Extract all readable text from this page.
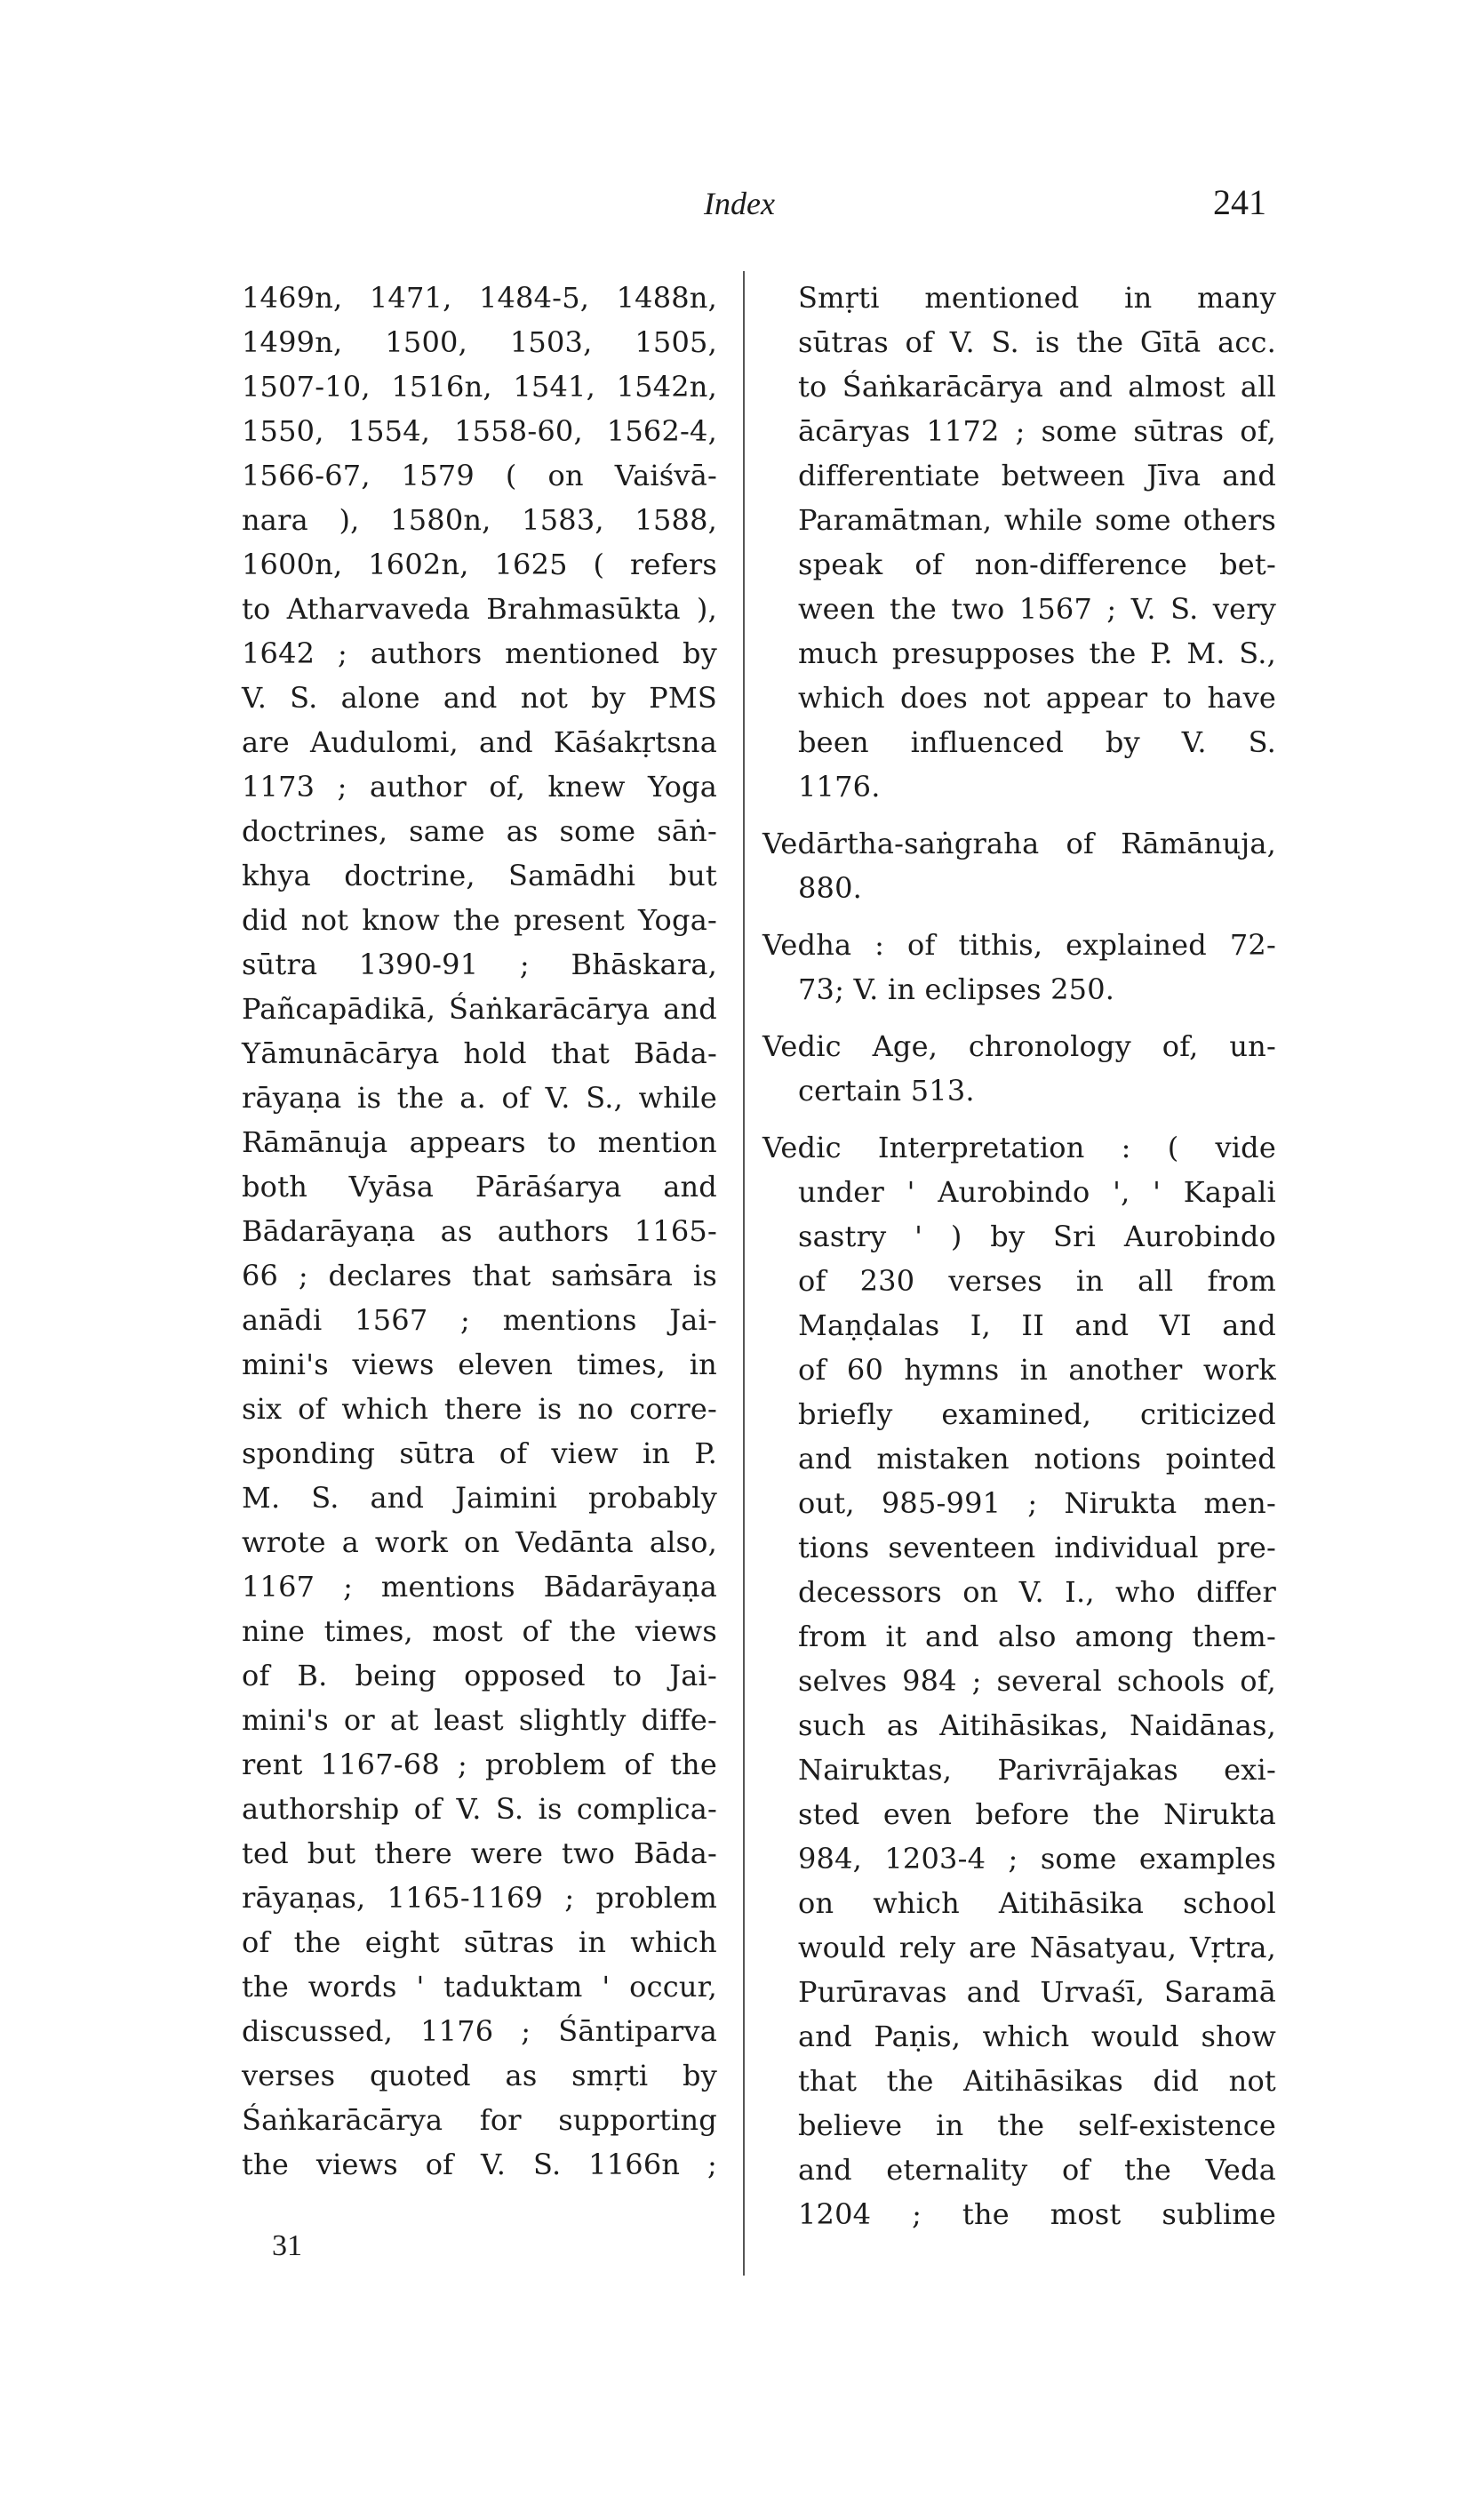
Index	241
1469n, 1471, 1484-5, 1488n,
1499n, 1500, 1503, 1505,
1507-10, 1516n, 1541, 1542n,
1550, 1554, 1558-60, 1562-4,
1566-67, 1579 ( on Vaiśvā-
nara ), 1580n, 1583, 1588,
1600n, 1602n, 1625 ( refers
to Atharvaveda Brahmasūkta ),
1642 ; authors mentioned by
V. S. alone and not by PMS
are Audulomi, and Kāśakṛtsna
1173 ; author of, knew Yoga
doctrines, same as some sāṅ-
khya doctrine, Samādhi but
did not know the present Yoga-
sūtra 1390-91 ; Bhāskara,
Pañcapādikā, Śaṅkarācārya and
Yāmunācārya hold that Bāda-
rāyaṇa is the a. of V. S., while
Rāmānuja appears to mention
both Vyāsa Pārāśarya and
Bādarāyaṇa as authors 1165-
66 ; declares that saṁsāra is
anādi 1567 ; mentions Jai-
mini's views eleven times, in
six of which there is no corre-
sponding sūtra of view in P.
M. S. and Jaimini probably
wrote a work on Vedānta also,
1167 ; mentions Bādarāyaṇa
nine times, most of the views
of B. being opposed to Jai-
mini's or at least slightly diffe-
rent 1167-68 ; problem of the
authorship of V. S. is complica-
ted but there were two Bāda-
rāyaṇas, 1165-1169 ; problem
of the eight sūtras in which
the words ' taduktam ' occur,
discussed, 1176 ; Śāntiparva
verses quoted as smṛti by
Śaṅkarācārya for supporting
the views of V. S. 1166n ;
Smṛti mentioned in many
sūtras of V. S. is the Gītā acc.
to Śaṅkarācārya and almost all
ācāryas 1172 ; some sūtras of,
differentiate between Jīva and
Paramātman, while some others
speak of non-difference bet-
ween the two 1567 ; V. S. very
much presupposes the P. M. S.,
which does not appear to have
been influenced by V. S.
1176.
Vedārtha-saṅgraha of Rāmānuja,
880.
Vedha : of tithis, explained 72-
73; V. in eclipses 250.
Vedic Age, chronology of, un-
certain 513.
Vedic Interpretation : ( vide
under ' Aurobindo ', ' Kapali
sastry ' ) by Sri Aurobindo
of 230 verses in all from
Maṇḍalas I, II and VI and
of 60 hymns in another work
briefly examined, criticized
and mistaken notions pointed
out, 985-991 ; Nirukta men-
tions seventeen individual pre-
decessors on V. I., who differ
from it and also among them-
selves 984 ; several schools of,
such as Aitihāsikas, Naidānas,
Nairuktas, Parivrājakas exi-
sted even before the Nirukta
984, 1203-4 ; some examples
on which Aitihāsika school
would rely are Nāsatyau, Vṛtra,
Purūravas and Urvaśī, Saramā
and Paṇis, which would show
that the Aitihāsikas did not
believe in the self-existence
and eternality of the Veda
1204 ; the most sublime
31
